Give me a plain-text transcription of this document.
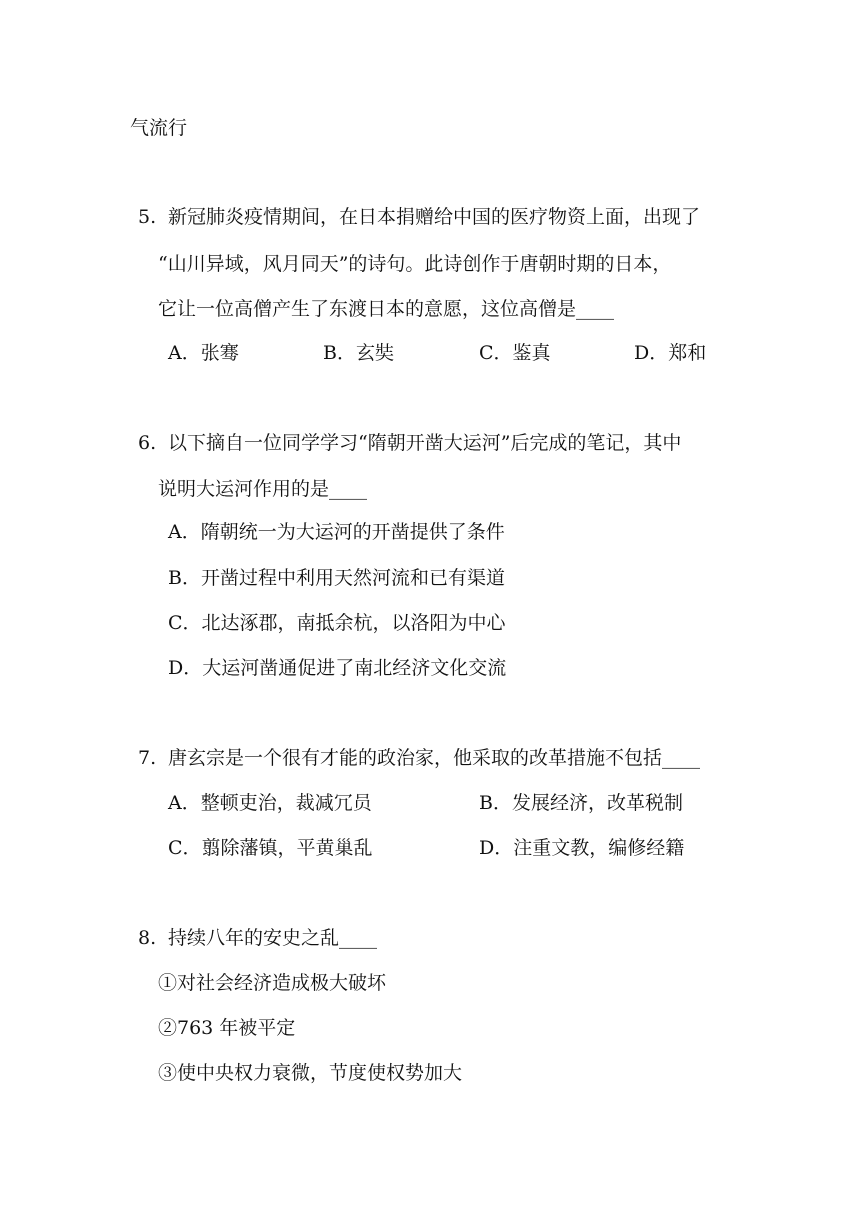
气流行
5. 新冠肺炎疫情期间，在日本捐赠给中国的医疗物资上面，出现了
“山川异域，风月同天”的诗句。此诗创作于唐朝时期的日本，
它让一位高僧产生了东渡日本的意愿，这位高僧是____
A．张骞	B．玄奘	C．鉴真	D．郑和
6. 以下摘自一位同学学习“隋朝开凿大运河”后完成的笔记，其中
说明大运河作用的是____
A．隋朝统一为大运河的开凿提供了条件
B．开凿过程中利用天然河流和已有渠道
C．北达涿郡，南抵余杭，以洛阳为中心
D．大运河凿通促进了南北经济文化交流
7. 唐玄宗是一个很有才能的政治家，他采取的改革措施不包括____
A．整顿吏治，裁减冗员	B．发展经济，改革税制
C．翦除藩镇，平黄巢乱	D．注重文教，编修经籍
8. 持续八年的安史之乱____
①对社会经济造成极大破坏
②763 年被平定
③使中央权力衰微，节度使权势加大
